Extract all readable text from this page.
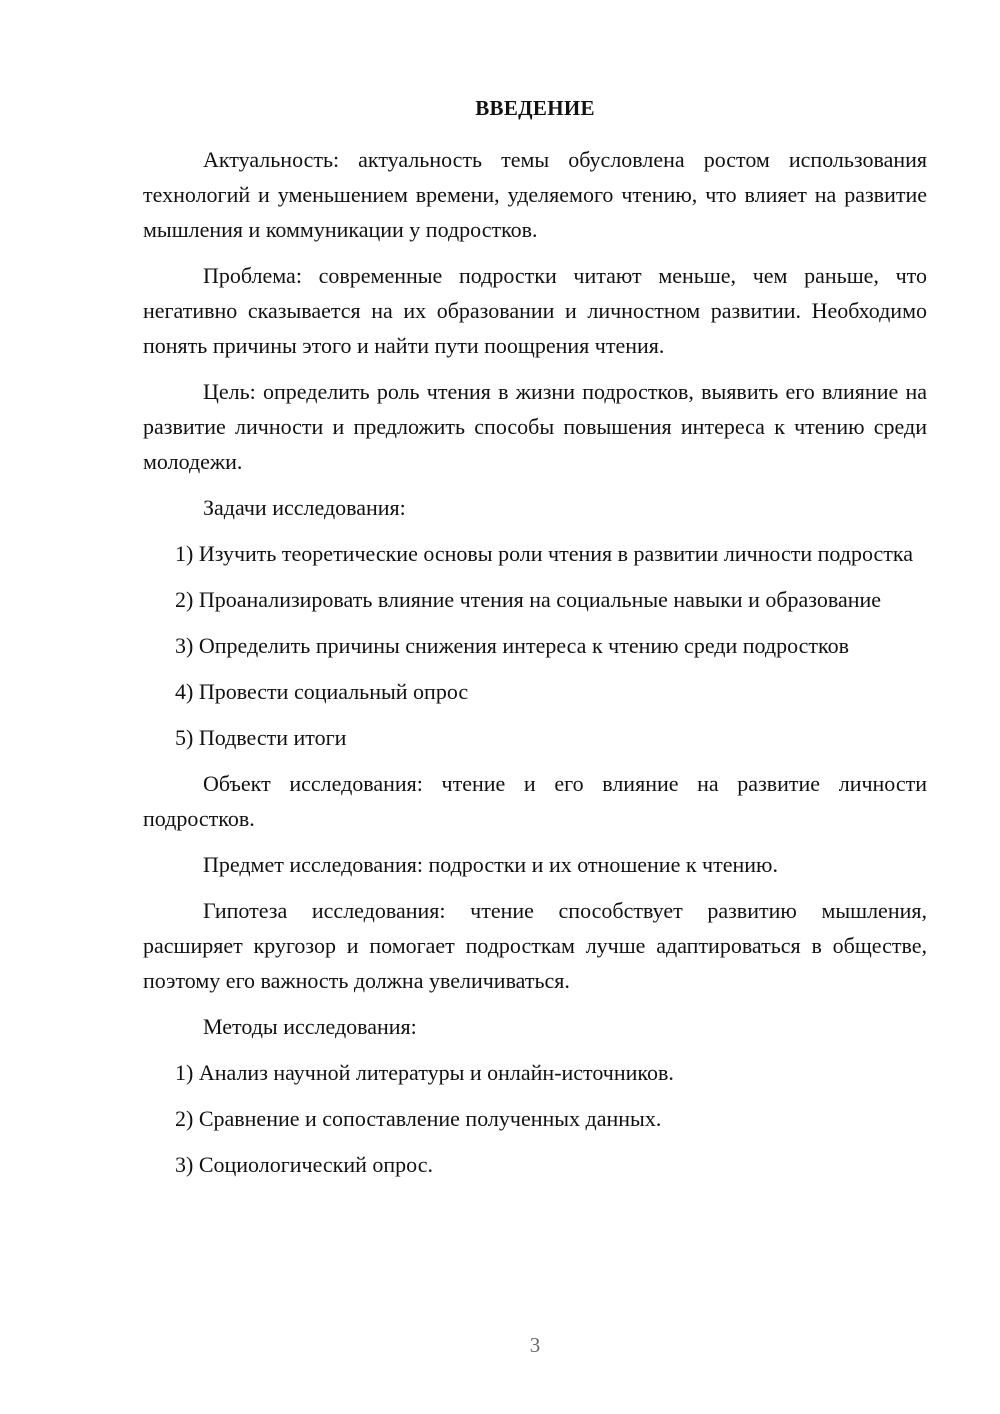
ВВЕДЕНИЕ

Актуальность: актуальность темы обусловлена ростом использования технологий и уменьшением времени, уделяемого чтению, что влияет на развитие мышления и коммуникации у подростков.

Проблема: современные подростки читают меньше, чем раньше, что негативно сказывается на их образовании и личностном развитии. Необходимо понять причины этого и найти пути поощрения чтения.

Цель: определить роль чтения в жизни подростков, выявить его влияние на развитие личности и предложить способы повышения интереса к чтению среди молодежи.

Задачи исследования:

1) Изучить теоретические основы роли чтения в развитии личности подростка

2) Проанализировать влияние чтения на социальные навыки и образование

3) Определить причины снижения интереса к чтению среди подростков

4) Провести социальный опрос

5) Подвести итоги

Объект исследования: чтение и его влияние на развитие личности подростков.

Предмет исследования: подростки и их отношение к чтению.

Гипотеза исследования: чтение способствует развитию мышления, расширяет кругозор и помогает подросткам лучше адаптироваться в обществе, поэтому его важность должна увеличиваться.

Методы исследования:

1) Анализ научной литературы и онлайн-источников.

2) Сравнение и сопоставление полученных данных.

3) Социологический опрос.

3
